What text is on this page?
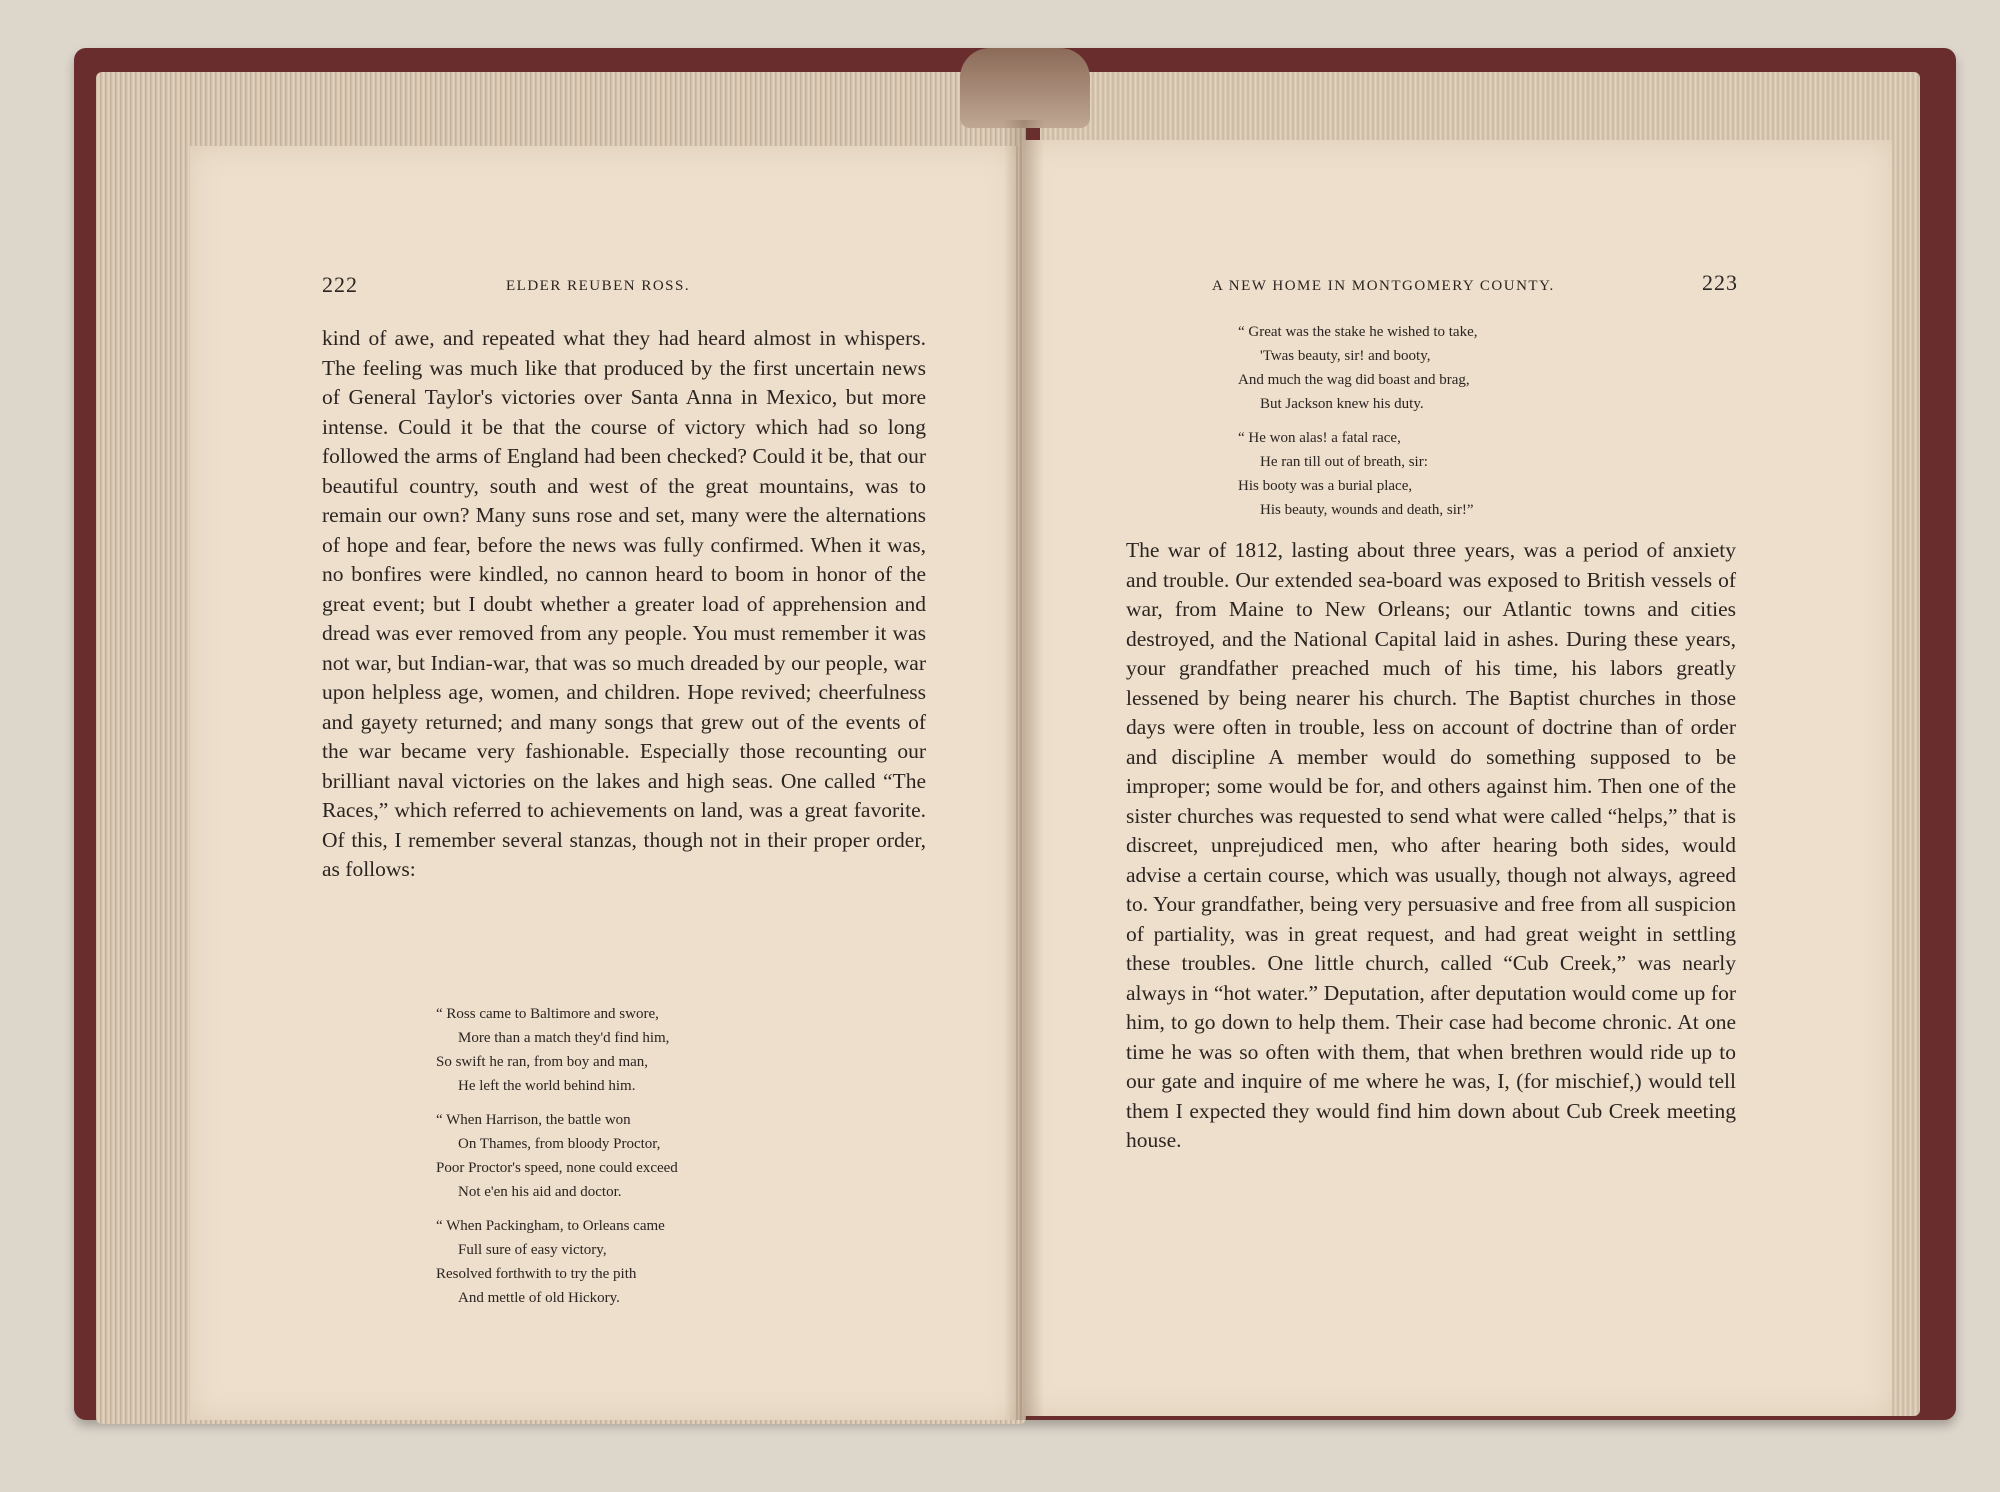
222	ELDER REUBEN ROSS.
kind of awe, and repeated what they had heard almost in whispers. The feeling was much like that produced by the first uncertain news of General Taylor's victories over Santa Anna in Mexico, but more intense. Could it be that the course of victory which had so long followed the arms of England had been checked? Could it be, that our beautiful country, south and west of the great mountains, was to remain our own? Many suns rose and set, many were the alternations of hope and fear, before the news was fully confirmed. When it was, no bonfires were kindled, no cannon heard to boom in honor of the great event; but I doubt whether a greater load of apprehension and dread was ever removed from any people. You must remember it was not war, but Indian-war, that was so much dreaded by our people, war upon helpless age, women, and children. Hope revived; cheerfulness and gayety returned; and many songs that grew out of the events of the war became very fashionable. Especially those recounting our brilliant naval victories on the lakes and high seas. One called “The Races,” which referred to achievements on land, was a great favorite. Of this, I remember several stanzas, though not in their proper order, as follows:
“ Ross came to Baltimore and swore,
More than a match they'd find him,
So swift he ran, from boy and man,
He left the world behind him.
“ When Harrison, the battle won
On Thames, from bloody Proctor,
Poor Proctor's speed, none could exceed
Not e'en his aid and doctor.
“ When Packingham, to Orleans came
Full sure of easy victory,
Resolved forthwith to try the pith
And mettle of old Hickory.
A NEW HOME IN MONTGOMERY COUNTY.	223
“ Great was the stake he wished to take,
'Twas beauty, sir! and booty,
And much the wag did boast and brag,
But Jackson knew his duty.
“ He won alas! a fatal race,
He ran till out of breath, sir:
His booty was a burial place,
His beauty, wounds and death, sir!”
The war of 1812, lasting about three years, was a period of anxiety and trouble. Our extended sea-board was exposed to British vessels of war, from Maine to New Orleans; our Atlantic towns and cities destroyed, and the National Capital laid in ashes. During these years, your grandfather preached much of his time, his labors greatly lessened by being nearer his church. The Baptist churches in those days were often in trouble, less on account of doctrine than of order and discipline A member would do something supposed to be improper; some would be for, and others against him. Then one of the sister churches was requested to send what were called “helps,” that is discreet, unprejudiced men, who after hearing both sides, would advise a certain course, which was usually, though not always, agreed to. Your grandfather, being very persuasive and free from all suspicion of partiality, was in great request, and had great weight in settling these troubles. One little church, called “Cub Creek,” was nearly always in “hot water.” Deputation, after deputation would come up for him, to go down to help them. Their case had become chronic. At one time he was so often with them, that when brethren would ride up to our gate and inquire of me where he was, I, (for mischief,) would tell them I expected they would find him down about Cub Creek meeting house.
